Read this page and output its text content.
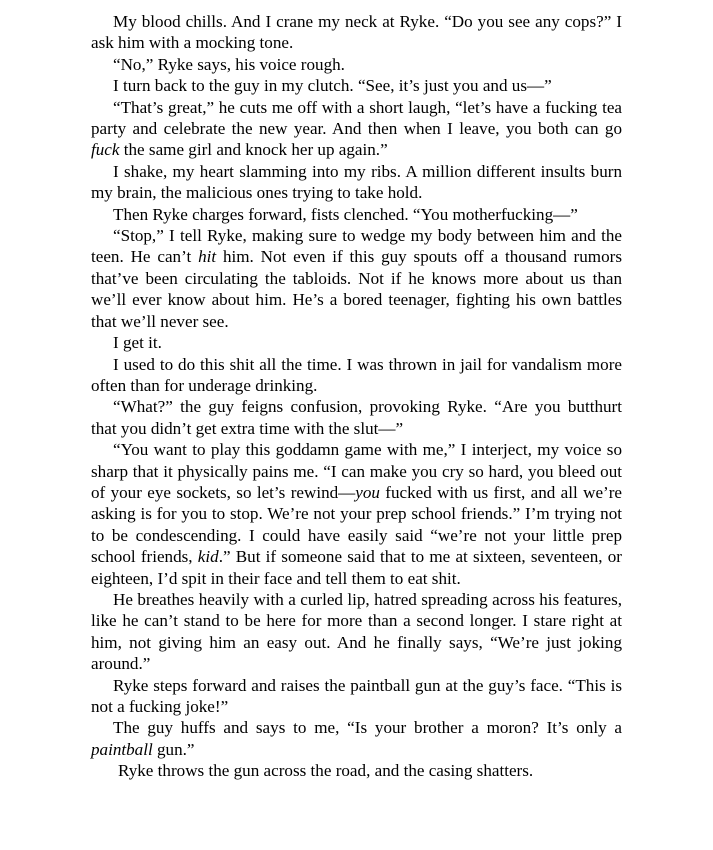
My blood chills. And I crane my neck at Ryke. “Do you see any cops?” I ask him with a mocking tone.

“No,” Ryke says, his voice rough.

I turn back to the guy in my clutch. “See, it’s just you and us—”

“That’s great,” he cuts me off with a short laugh, “let’s have a fucking tea party and celebrate the new year. And then when I leave, you both can go fuck the same girl and knock her up again.”

I shake, my heart slamming into my ribs. A million different insults burn my brain, the malicious ones trying to take hold.

Then Ryke charges forward, fists clenched. “You motherfucking—”

“Stop,” I tell Ryke, making sure to wedge my body between him and the teen. He can’t hit him. Not even if this guy spouts off a thousand rumors that’ve been circulating the tabloids. Not if he knows more about us than we’ll ever know about him. He’s a bored teenager, fighting his own battles that we’ll never see.

I get it.

I used to do this shit all the time. I was thrown in jail for vandalism more often than for underage drinking.

“What?” the guy feigns confusion, provoking Ryke. “Are you butthurt that you didn’t get extra time with the slut—”

“You want to play this goddamn game with me,” I interject, my voice so sharp that it physically pains me. “I can make you cry so hard, you bleed out of your eye sockets, so let’s rewind—you fucked with us first, and all we’re asking is for you to stop. We’re not your prep school friends.” I’m trying not to be condescending. I could have easily said “we’re not your little prep school friends, kid.” But if someone said that to me at sixteen, seventeen, or eighteen, I’d spit in their face and tell them to eat shit.

He breathes heavily with a curled lip, hatred spreading across his features, like he can’t stand to be here for more than a second longer. I stare right at him, not giving him an easy out. And he finally says, “We’re just joking around.”

Ryke steps forward and raises the paintball gun at the guy’s face. “This is not a fucking joke!”

The guy huffs and says to me, “Is your brother a moron? It’s only a paintball gun.”

Ryke throws the gun across the road, and the casing shatters.
